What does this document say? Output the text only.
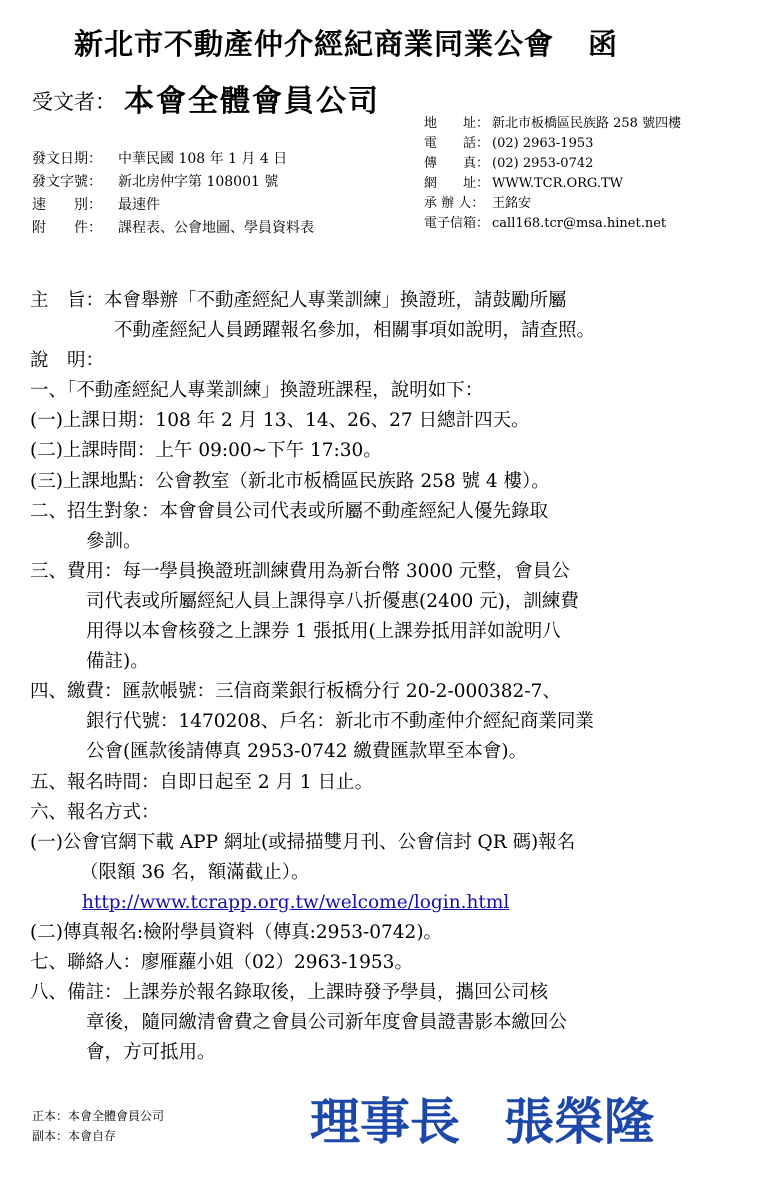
新北市不動產仲介經紀商業同業公會 函
受文者： 本會全體會員公司
地　　址： 新北市板橋區民族路 258 號四樓
電　　話： (02) 2963-1953
傳　　真： (02) 2953-0742
網　　址： WWW.TCR.ORG.TW
承 辦 人： 王銘安
電子信箱： call168.tcr@msa.hinet.net
發文日期： 中華民國 108 年 1 月 4 日
發文字號： 新北房仲字第 108001 號
速　　別： 最速件
附　　件： 課程表、公會地圖、學員資料表
主　旨：本會舉辦「不動產經紀人專業訓練」換證班，請鼓勵所屬
不動產經紀人員踴躍報名參加，相關事項如說明，請查照。
說　明：
一、「不動產經紀人專業訓練」換證班課程，說明如下：
(一)上課日期：108 年 2 月 13、14、26、27 日總計四天。
(二)上課時間：上午 09:00~下午 17:30。
(三)上課地點：公會教室（新北市板橋區民族路 258 號 4 樓）。
二、招生對象：本會會員公司代表或所屬不動產經紀人優先錄取
參訓。
三、費用：每一學員換證班訓練費用為新台幣 3000 元整，會員公
司代表或所屬經紀人員上課得享八折優惠(2400 元)，訓練費
用得以本會核發之上課券 1 張抵用(上課券抵用詳如說明八
備註)。
四、繳費：匯款帳號：三信商業銀行板橋分行 20-2-000382-7、
銀行代號：1470208、戶名：新北市不動產仲介經紀商業同業
公會(匯款後請傳真 2953-0742 繳費匯款單至本會)。
五、報名時間：自即日起至 2 月 1 日止。
六、報名方式：
(一)公會官網下載 APP 網址(或掃描雙月刊、公會信封 QR 碼)報名
（限額 36 名，額滿截止）。
http://www.tcrapp.org.tw/welcome/login.html
(二)傳真報名:檢附學員資料（傳真:2953-0742)。
七、聯絡人：廖雁蘿小姐（02）2963-1953。
八、備註：上課券於報名錄取後，上課時發予學員，攜回公司核
章後，隨同繳清會費之會員公司新年度會員證書影本繳回公
會，方可抵用。
正本：本會全體會員公司
副本：本會自存	理事長 張榮隆
